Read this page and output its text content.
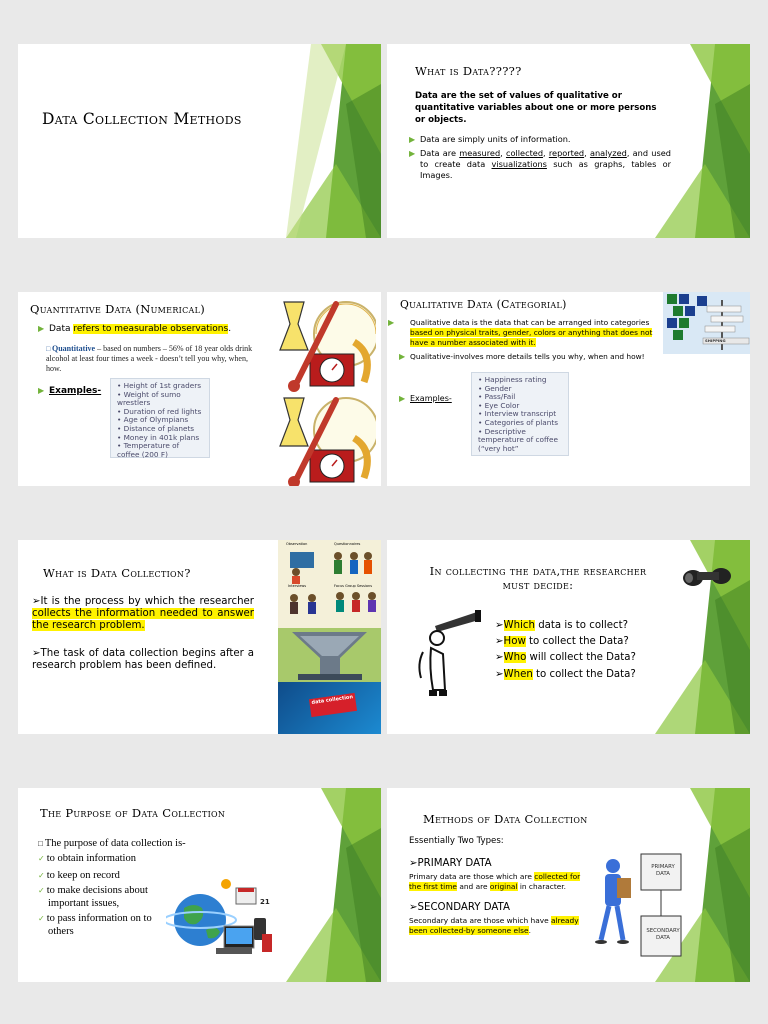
Data Collection Methods
What is Data?????
Data are the set of values of qualitative or quantitative variables about one or more persons or objects.
▶ Data are simply units of information.
▶ Data are measured, collected, reported, analyzed, and used to create data visualizations such as graphs, tables or Images.
Quantitative Data (Numerical)
▶ Data refers to measurable observations.
□ Quantitative – based on numbers – 56% of 18 year olds drink alcohol at least four times a week - doesn’t tell you why, when, how.
▶ Examples-
• Height of 1st graders
• Weight of sumo wrestlers
• Duration of red lights
• Age of Olympians
• Distance of planets
• Money in 401k plans
• Temperature of coffee (200 F)
Qualitative Data (Categorial)
▶ Qualitative data is the data that can be arranged into categories based on physical traits, gender, colors or anything that does not have a number associated with it.
▶ Qualitative-involves more details tells you why, when and how!
▶ Examples-
• Happiness rating
• Gender
• Pass/Fail
• Eye Color
• Interview transcript
• Categories of plants
• Descriptive temperature of coffee (“very hot”
SHIPPING
What is Data Collection?
➢It is the process by which the researcher collects the information needed to answer the research problem.
➢The task of data collection begins after a research problem has been defined.
Observation	Questionnaires
Interviews	Focus Group Sessions
data collection
In collecting the data,the researcher
must decide:
➢Which data is to collect?
➢How to collect the Data?
➢Who will collect the Data?
➢When to collect the Data?
The Purpose of Data Collection
□ The purpose of data collection is-
✓ to obtain information
✓ to keep on record
✓ to make decisions about important issues,
✓ to pass information on to others
21
Methods of Data Collection
Essentially Two Types:
➢PRIMARY DATA
Primary data are those which are collected for the first time and are original in character.
➢SECONDARY DATA
Secondary data are those which have already been collected-by someone else.
PRIMARY DATA
SECONDARY DATA
